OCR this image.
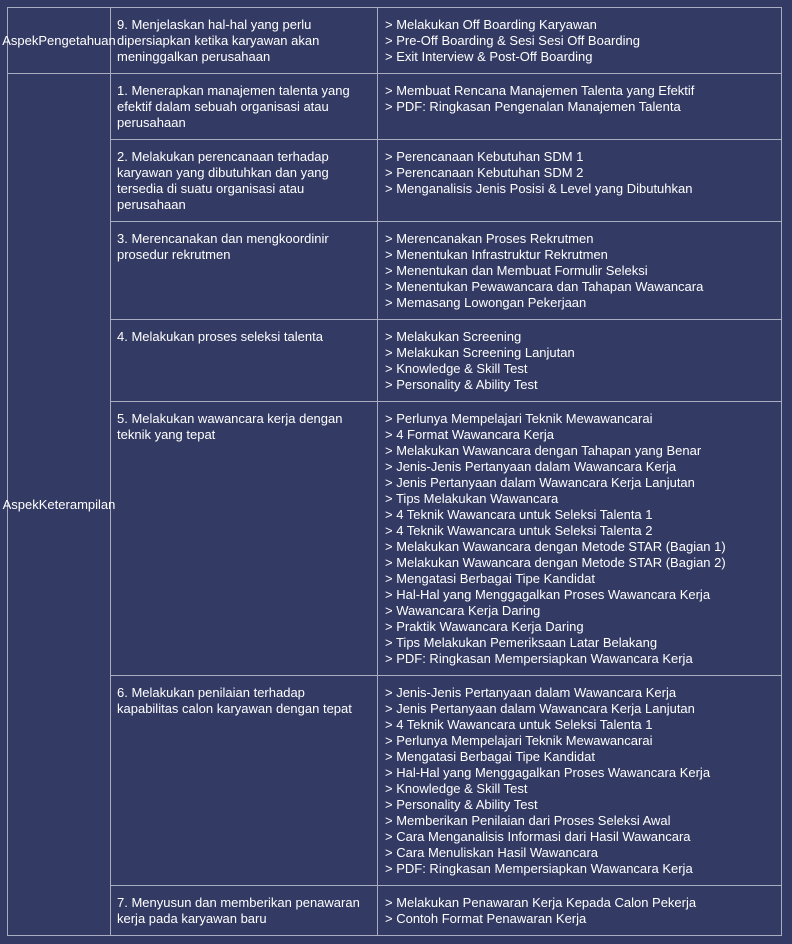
Aspek Pengetahuan
9. Menjelaskan hal-hal yang perlu dipersiapkan ketika karyawan akan meninggalkan perusahaan
> Melakukan Off Boarding Karyawan
> Pre-Off Boarding & Sesi Sesi Off Boarding
> Exit Interview & Post-Off Boarding
Aspek Keterampilan
1. Menerapkan manajemen talenta yang efektif dalam sebuah organisasi atau perusahaan
> Membuat Rencana Manajemen Talenta yang Efektif
> PDF: Ringkasan Pengenalan Manajemen Talenta
2. Melakukan perencanaan terhadap karyawan yang dibutuhkan dan yang tersedia di suatu organisasi atau perusahaan
> Perencanaan Kebutuhan SDM 1
> Perencanaan Kebutuhan SDM 2
> Menganalisis Jenis Posisi & Level yang Dibutuhkan
3. Merencanakan dan mengkoordinir prosedur rekrutmen
> Merencanakan Proses Rekrutmen
> Menentukan Infrastruktur Rekrutmen
> Menentukan dan Membuat Formulir Seleksi
> Menentukan Pewawancara dan Tahapan Wawancara
> Memasang Lowongan Pekerjaan
4. Melakukan proses seleksi talenta	> Melakukan Screening
> Melakukan Screening Lanjutan
> Knowledge & Skill Test
> Personality & Ability Test
5. Melakukan wawancara kerja dengan teknik yang tepat
> Perlunya Mempelajari Teknik Mewawancarai
> 4 Format Wawancara Kerja
> Melakukan Wawancara dengan Tahapan yang Benar
> Jenis-Jenis Pertanyaan dalam Wawancara Kerja
> Jenis Pertanyaan dalam Wawancara Kerja Lanjutan
> Tips Melakukan Wawancara
> 4 Teknik Wawancara untuk Seleksi Talenta 1
> 4 Teknik Wawancara untuk Seleksi Talenta 2
> Melakukan Wawancara dengan Metode STAR (Bagian 1)
> Melakukan Wawancara dengan Metode STAR (Bagian 2)
> Mengatasi Berbagai Tipe Kandidat
> Hal-Hal yang Menggagalkan Proses Wawancara Kerja
> Wawancara Kerja Daring
> Praktik Wawancara Kerja Daring
> Tips Melakukan Pemeriksaan Latar Belakang
> PDF: Ringkasan Mempersiapkan Wawancara Kerja
6. Melakukan penilaian terhadap kapabilitas calon karyawan dengan tepat
> Jenis-Jenis Pertanyaan dalam Wawancara Kerja
> Jenis Pertanyaan dalam Wawancara Kerja Lanjutan
> 4 Teknik Wawancara untuk Seleksi Talenta 1
> Perlunya Mempelajari Teknik Mewawancarai
> Mengatasi Berbagai Tipe Kandidat
> Hal-Hal yang Menggagalkan Proses Wawancara Kerja
> Knowledge & Skill Test
> Personality & Ability Test
> Memberikan Penilaian dari Proses Seleksi Awal
> Cara Menganalisis Informasi dari Hasil Wawancara
> Cara Menuliskan Hasil Wawancara
> PDF: Ringkasan Mempersiapkan Wawancara Kerja
7. Menyusun dan memberikan penawaran kerja pada karyawan baru
> Melakukan Penawaran Kerja Kepada Calon Pekerja
> Contoh Format Penawaran Kerja
